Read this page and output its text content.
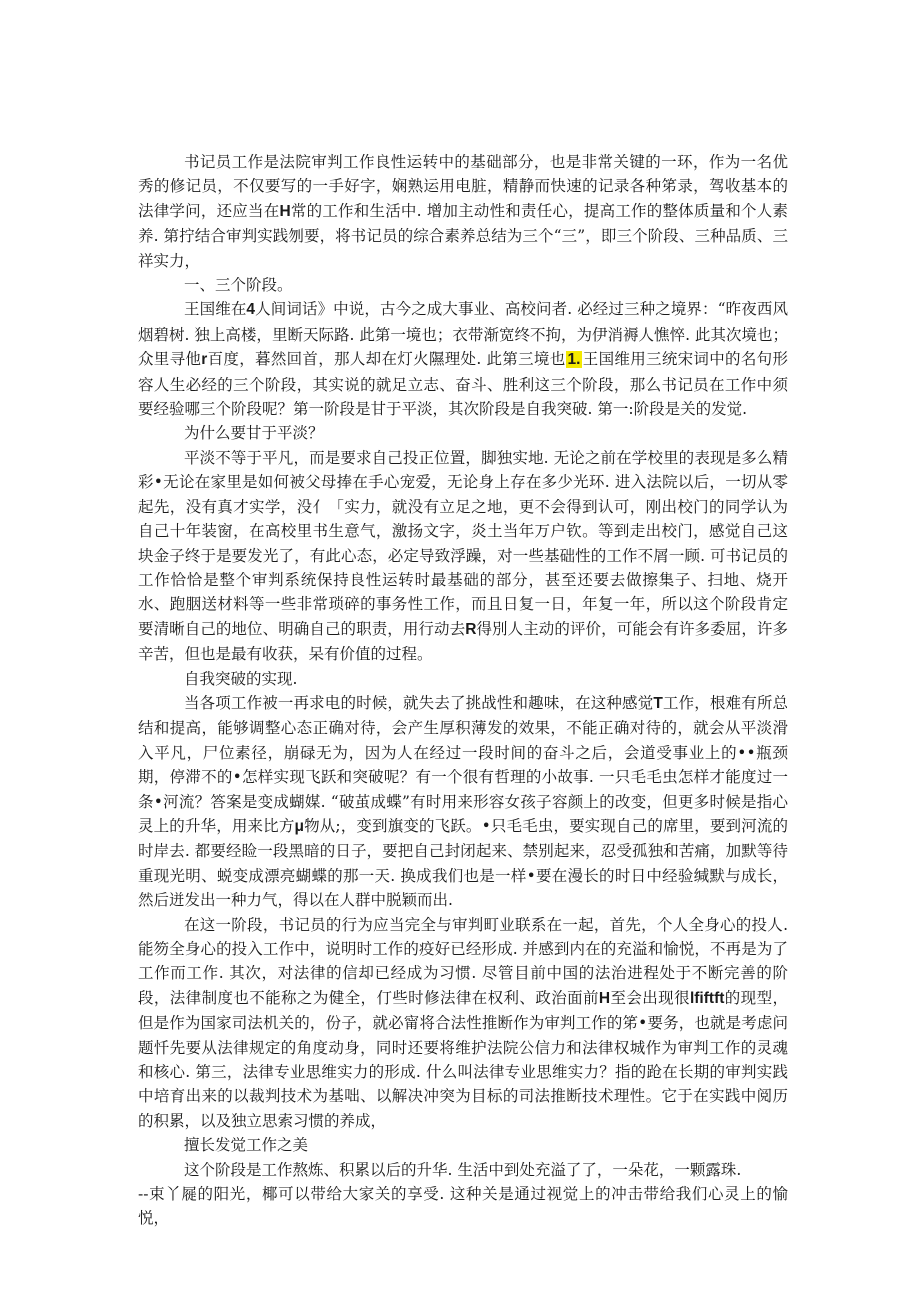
书记员工作是法院审判工作良性运转中的基础部分，也是非常关键的一环，作为一名优秀的修记员，不仅要写的一手好字，娴熟运用电脏，精静而快速的记录各种笫录，驾收基本的法律学问，还应当在H常的工作和生活中. 增加主动性和责任心，提高工作的整体质量和个人素养. 第拧结合审判实践刎要，将书记员的综合素养总结为三个“三”，即三个阶段、三种品质、三祥实力，

一、三个阶段。

王国维在4人间词话》中说，古今之成大事业、高校问者. 必经过三种之境界：“昨夜西风烟碧树. 独上高楼，里断天际路. 此第一境也；衣带渐宽终不拘，为伊消褥人憔悴. 此其次境也；众里寻他r百度，暮然回首，那人却在灯火隰理处. 此第三境也 1. 王国维用三统宋词中的名句形容人生必经的三个阶段，其实说的就足立志、奋斗、胜利这三个阶段，那么书记员在工作中须要经验哪三个阶段呢？第一阶段是甘于平淡，其次阶段是自我突破. 第一:阶段是关的发觉.

为什么要甘于平淡？

平淡不等于平凡，而是要求自己投正位置，脚独实地. 无论之前在学校里的表现是多么精彩•无论在家里是如何被父母捧在手心宠爱，无论身上存在多少光环. 进入法院以后，一切从零起先，没有真才实学，没亻「实力，就没有立足之地，更不会得到认可，刚出校门的同学认为自己十年装窗，在高校里书生意气，激扬文字，炎土当年万户钦。等到走出校门，感觉自己这块金子终于是要发光了，有此心态，必定导致浮躁，对一些基础性的工作不屑一顾. 可书记员的工作恰恰是整个审判系统保持良性运转时最基础的部分，甚至还要去做擦集子、扫地、烧开水、跑胭送材料等一些非常琐碎的事务性工作，而且日复一日，年复一年，所以这个阶段肯定要清晰自己的地位、明确自己的职责，用行动去R得別人主动的评价，可能会有许多委屈，许多辛苦，但也是最有收获，呆有价值的过程。

自我突破的实现.

当各项工作被一再求电的时候，就失去了挑战性和趣味，在这种感觉T工作，根难有所总结和提高，能够调整心态正确对待，会产生厚积薄发的效果，不能正确对待的，就会从平淡滑入平凡，尸位素径，崩碌无为，因为人在经过一段时间的奋斗之后，会道受事业上的••瓶颈期，停滞不的•怎样实现飞跃和突破呢？有一个很有哲理的小故事. 一只毛毛虫怎样才能度过一条•河流？答案是变成蝴媒. “破茧成蝶”有时用来形容女孩子容颜上的改变，但更多时候是指心灵上的升华，用来比方μ物从;，变到旗变的飞跃。•只毛毛虫，要实现自己的席里，要到河流的时岸去. 都要经睑一段黑暗的日子，要把自己封闭起来、禁别起来，忍受孤独和苦痛，加默等待重现光明、蜕变成漂亮蝴蝶的那一天. 换成我们也是一样•要在漫长的时日中经验缄默与成长，然后迸发出一种力气，得以在人群中脱颖而出.

在这一阶段，书记员的行为应当完全与审判町业联系在一起，首先，个人全身心的投人. 能笏全身心的投入工作中，说明时工作的疫好已经形成. 并感到内在的充溢和愉悦，不再是为了工作而工作. 其次，对法律的信却已经成为习惯. 尽管目前中国的法治进程处于不断完善的阶段，法律制度也不能称之为健全，仃些时修法律在权利、政治面前H至会出现很lfiftft的现型，但是作为国家司法机关的，份子，就必甯将合法性推断作为审判工作的笫•要务，也就是考虑问题忏先要从法律规定的角度动身，同时还要将维护法院公信力和法律权城作为审判工作的灵魂和核心. 第三，法律专业思维实力的形成. 什么叫法律专业思维实力？指的跄在长期的审判实践中培育出来的以裁判技术为基咄、以解决冲突为目标的司法推断技术理性。它于在实践中阅历的积累，以及独立思索习惯的养成，

擅长发觉工作之美

这个阶段是工作熬炼、积累以后的升华. 生活中到处充溢了了，一朵花，一颗露珠.

--束丫屣的阳光，椰可以带给大家关的享受. 这种关是通过视觉上的冲击带给我们心灵上的愉悦，
